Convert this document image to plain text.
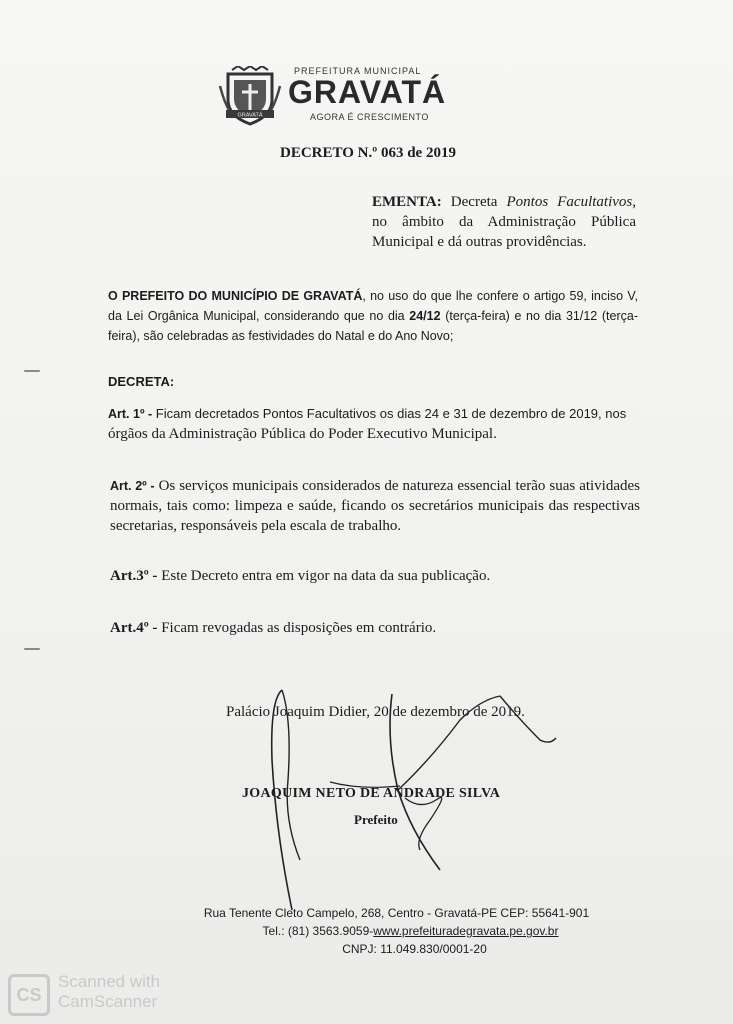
GRAVATÁ
PREFEITURA MUNICIPAL
GRAVATÁ
AGORA É CRESCIMENTO
DECRETO N.º 063 de 2019
EMENTA: Decreta Pontos Facultativos, no âmbito da Administração Pública Municipal e dá outras providências.
O PREFEITO DO MUNICÍPIO DE GRAVATÁ, no uso do que lhe confere o artigo 59, inciso V, da Lei Orgânica Municipal, considerando que no dia 24/12 (terça-feira) e no dia 31/12 (terça-feira), são celebradas as festividades do Natal e do Ano Novo;
DECRETA:
Art. 1º - Ficam decretados Pontos Facultativos os dias 24 e 31 de dezembro de 2019, nos
órgãos da Administração Pública do Poder Executivo Municipal.
Art. 2º - Os serviços municipais considerados de natureza essencial terão suas atividades normais, tais como: limpeza e saúde, ficando os secretários municipais das respectivas secretarias, responsáveis pela escala de trabalho.
Art.3º - Este Decreto entra em vigor na data da sua publicação.
Art.4º - Ficam revogadas as disposições em contrário.
Palácio Joaquim Didier, 20 de dezembro de 2019.
JOAQUIM NETO DE ANDRADE SILVA
Prefeito
Rua Tenente Cleto Campelo, 268, Centro - Gravatá-PE CEP: 55641-901
Tel.: (81) 3563.9059-www.prefeituradegravata.pe.gov.br
CNPJ: 11.049.830/0001-20
CS
Scanned with
CamScanner
